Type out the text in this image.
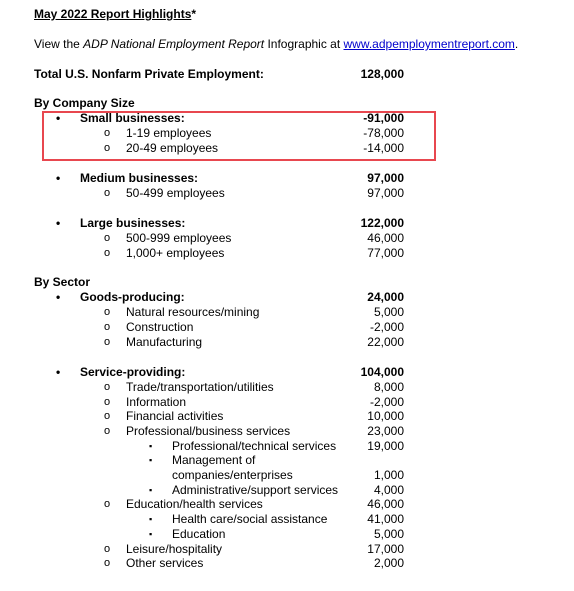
May 2022 Report Highlights*
View the ADP National Employment Report Infographic at www.adpemploymentreport.com.
Total U.S. Nonfarm Private Employment:	128,000
By Company Size
• Small businesses:	-91,000
o 1-19 employees	-78,000
o 20-49 employees	-14,000
• Medium businesses:	97,000
o 50-499 employees	97,000
• Large businesses:	122,000
o 500-999 employees	46,000
o 1,000+ employees	77,000
By Sector
• Goods-producing:	24,000
o Natural resources/mining	5,000
o Construction	-2,000
o Manufacturing	22,000
• Service-providing:	104,000
o Trade/transportation/utilities	8,000
o Information	-2,000
o Financial activities	10,000
o Professional/business services	23,000
▪ Professional/technical services	19,000
▪ Management of
companies/enterprises	1,000
▪ Administrative/support services	4,000
o Education/health services	46,000
▪ Health care/social assistance	41,000
▪ Education	5,000
o Leisure/hospitality	17,000
o Other services	2,000
